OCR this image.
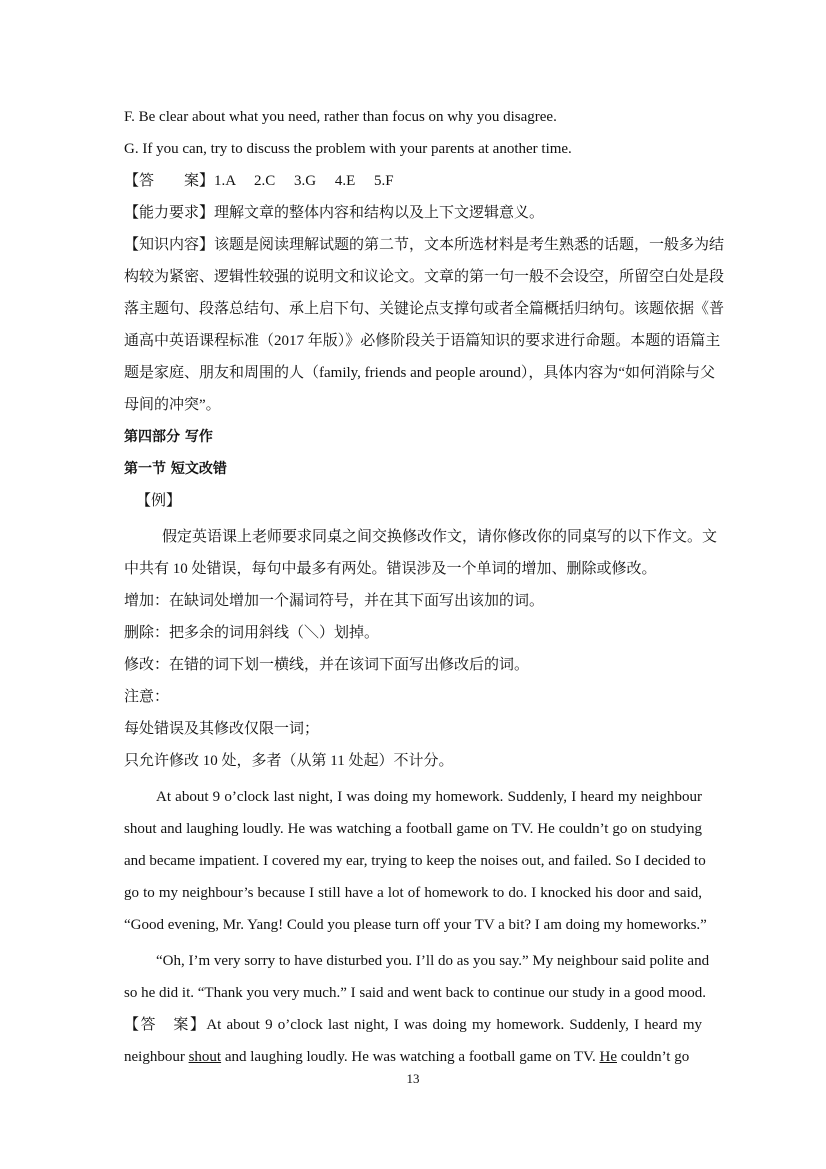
F. Be clear about what you need, rather than focus on why you disagree.
G. If you can, try to discuss the problem with your parents at another time.
【答　　案】1.A　 2.C　 3.G　 4.E　 5.F
【能力要求】理解文章的整体内容和结构以及上下文逻辑意义。
【知识内容】该题是阅读理解试题的第二节，文本所选材料是考生熟悉的话题，一般多为结
构较为紧密、逻辑性较强的说明文和议论文。文章的第一句一般不会设空，所留空白处是段
落主题句、段落总结句、承上启下句、关键论点支撑句或者全篇概括归纳句。该题依据《普
通高中英语课程标准（2017 年版）》必修阶段关于语篇知识的要求进行命题。本题的语篇主
题是家庭、朋友和周围的人（family, friends and people around），具体内容为“如何消除与父
母间的冲突”。
第四部分 写作
第一节 短文改错
【例】
假定英语课上老师要求同桌之间交换修改作文，请你修改你的同桌写的以下作文。文
中共有 10 处错误，每句中最多有两处。错误涉及一个单词的增加、删除或修改。
增加：在缺词处增加一个漏词符号，并在其下面写出该加的词。
删除：把多余的词用斜线（＼）划掉。
修改：在错的词下划一横线，并在该词下面写出修改后的词。
注意：
每处错误及其修改仅限一词；
只允许修改 10 处，多者（从第 11 处起）不计分。
At about 9 o’clock last night, I was doing my homework. Suddenly, I heard my neighbour
shout and laughing loudly. He was watching a football game on TV. He couldn’t go on studying
and became impatient. I covered my ear, trying to keep the noises out, and failed. So I decided to
go to my neighbour’s because I still have a lot of homework to do. I knocked his door and said,
“Good evening, Mr. Yang! Could you please turn off your TV a bit? I am doing my homeworks.”
“Oh, I’m very sorry to have disturbed you. I’ll do as you say.” My neighbour said polite and
so he did it. “Thank you very much.” I said and went back to continue our study in a good mood.
【答　案】At about 9 o’clock last night, I was doing my homework. Suddenly, I heard my
neighbour shout and laughing loudly. He was watching a football game on TV. He couldn’t go
13
